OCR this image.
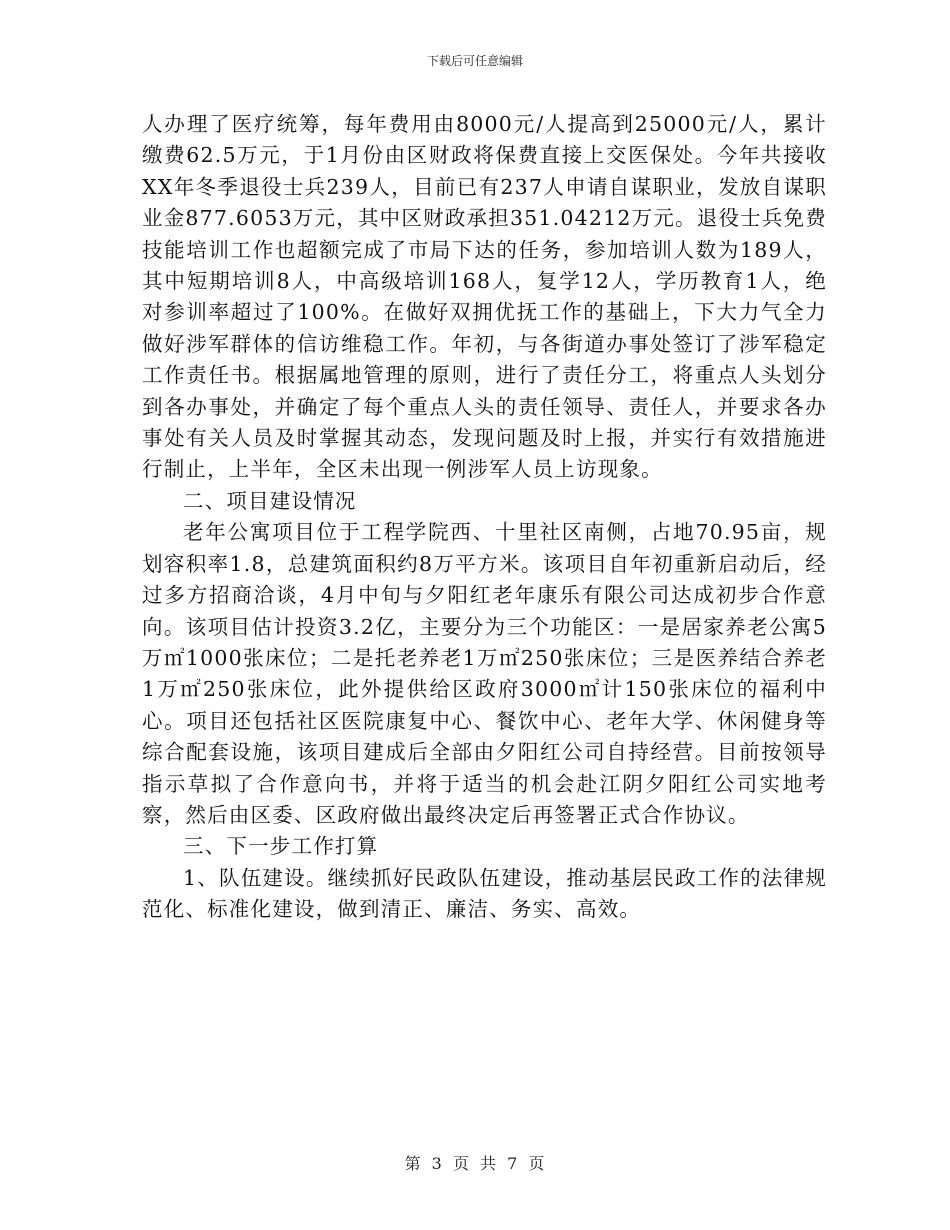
下载后可任意编辑

人办理了医疗统筹，每年费用由8000元/人提高到25000元/人，累计缴费62.5万元，于1月份由区财政将保费直接上交医保处。今年共接收XX年冬季退役士兵239人，目前已有237人申请自谋职业，发放自谋职业金877.6053万元，其中区财政承担351.04212万元。退役士兵免费技能培训工作也超额完成了市局下达的任务，参加培训人数为189人，其中短期培训8人，中高级培训168人，复学12人，学历教育1人，绝对参训率超过了100%。在做好双拥优抚工作的基础上，下大力气全力做好涉军群体的信访维稳工作。年初，与各街道办事处签订了涉军稳定工作责任书。根据属地管理的原则，进行了责任分工，将重点人头划分到各办事处，并确定了每个重点人头的责任领导、责任人，并要求各办事处有关人员及时掌握其动态，发现问题及时上报，并实行有效措施进行制止，上半年，全区未出现一例涉军人员上访现象。

二、项目建设情况

老年公寓项目位于工程学院西、十里社区南侧，占地70.95亩，规划容积率1.8，总建筑面积约8万平方米。该项目自年初重新启动后，经过多方招商洽谈，4月中旬与夕阳红老年康乐有限公司达成初步合作意向。该项目估计投资3.2亿，主要分为三个功能区：一是居家养老公寓5万㎡1000张床位；二是托老养老1万㎡250张床位；三是医养结合养老1万㎡250张床位，此外提供给区政府3000㎡计150张床位的福利中心。项目还包括社区医院康复中心、餐饮中心、老年大学、休闲健身等综合配套设施，该项目建成后全部由夕阳红公司自持经营。目前按领导指示草拟了合作意向书，并将于适当的机会赴江阴夕阳红公司实地考察，然后由区委、区政府做出最终决定后再签署正式合作协议。

三、下一步工作打算

1、队伍建设。继续抓好民政队伍建设，推动基层民政工作的法律规范化、标准化建设，做到清正、廉洁、务实、高效。

第 3 页 共 7 页
